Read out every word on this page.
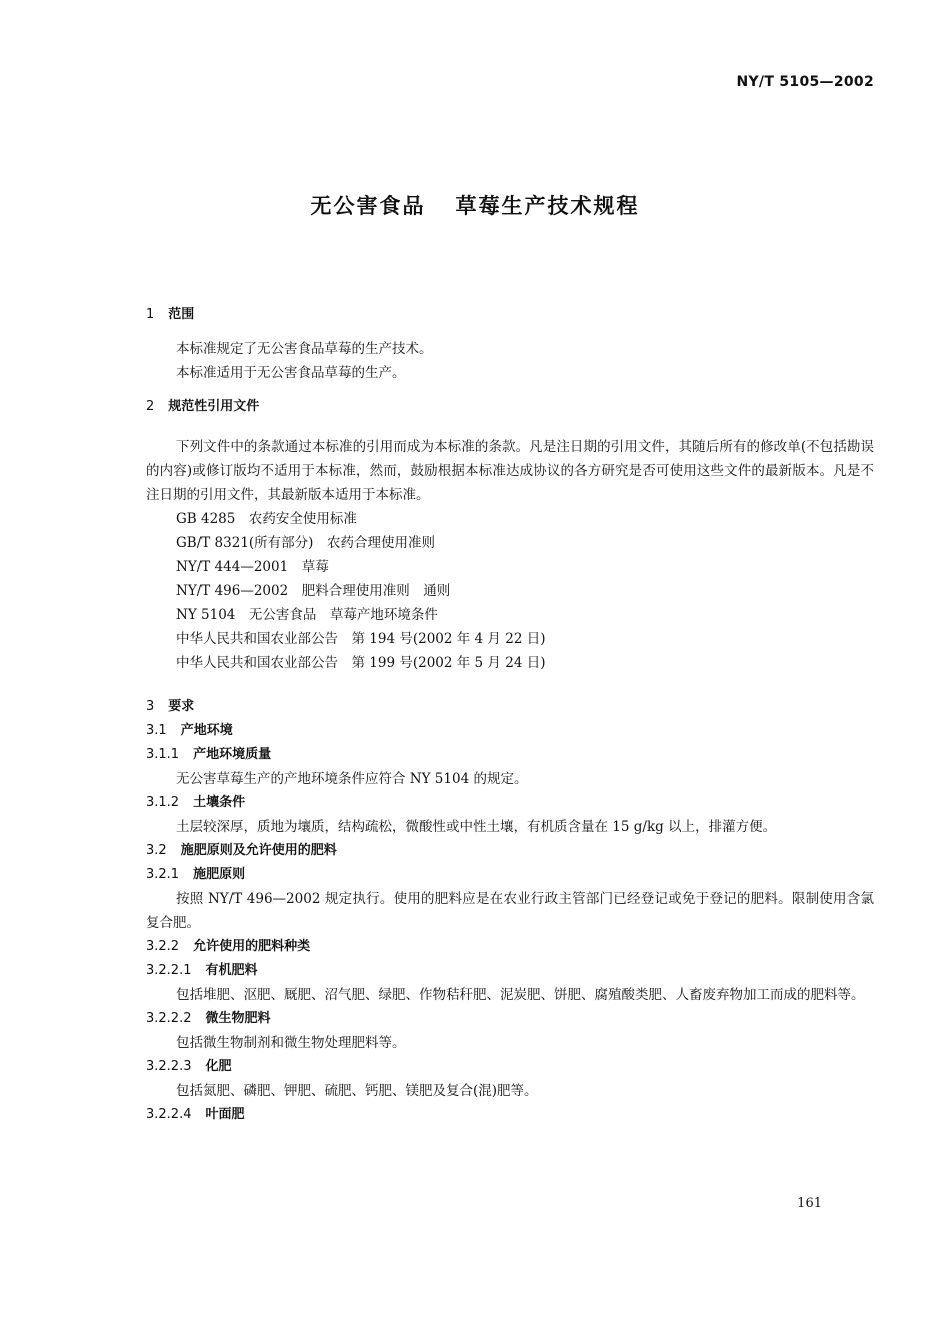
NY/T 5105—2002
无公害食品 草莓生产技术规程
1 范围

本标准规定了无公害食品草莓的生产技术。

本标准适用于无公害食品草莓的生产。

2 规范性引用文件

下列文件中的条款通过本标准的引用而成为本标准的条款。凡是注日期的引用文件，其随后所有的修改单(不包括勘误的内容)或修订版均不适用于本标准，然而，鼓励根据本标准达成协议的各方研究是否可使用这些文件的最新版本。凡是不注日期的引用文件，其最新版本适用于本标准。

GB 4285　农药安全使用标准
GB/T 8321(所有部分)　农药合理使用准则
NY/T 444—2001　草莓
NY/T 496—2002　肥料合理使用准则　通则
NY 5104　无公害食品　草莓产地环境条件
中华人民共和国农业部公告　第 194 号(2002 年 4 月 22 日)
中华人民共和国农业部公告　第 199 号(2002 年 5 月 24 日)
3 要求
3.1 产地环境
3.1.1 产地环境质量

无公害草莓生产的产地环境条件应符合 NY 5104 的规定。

3.1.2 土壤条件

土层较深厚，质地为壤质，结构疏松，微酸性或中性土壤，有机质含量在 15 g/kg 以上，排灌方便。

3.2 施肥原则及允许使用的肥料
3.2.1 施肥原则

按照 NY/T 496—2002 规定执行。使用的肥料应是在农业行政主管部门已经登记或免于登记的肥料。限制使用含氯复合肥。

3.2.2 允许使用的肥料种类
3.2.2.1 有机肥料

包括堆肥、沤肥、厩肥、沼气肥、绿肥、作物秸秆肥、泥炭肥、饼肥、腐殖酸类肥、人畜废弃物加工而成的肥料等。

3.2.2.2 微生物肥料

包括微生物制剂和微生物处理肥料等。

3.2.2.3 化肥

包括氮肥、磷肥、钾肥、硫肥、钙肥、镁肥及复合(混)肥等。

3.2.2.4 叶面肥
161
